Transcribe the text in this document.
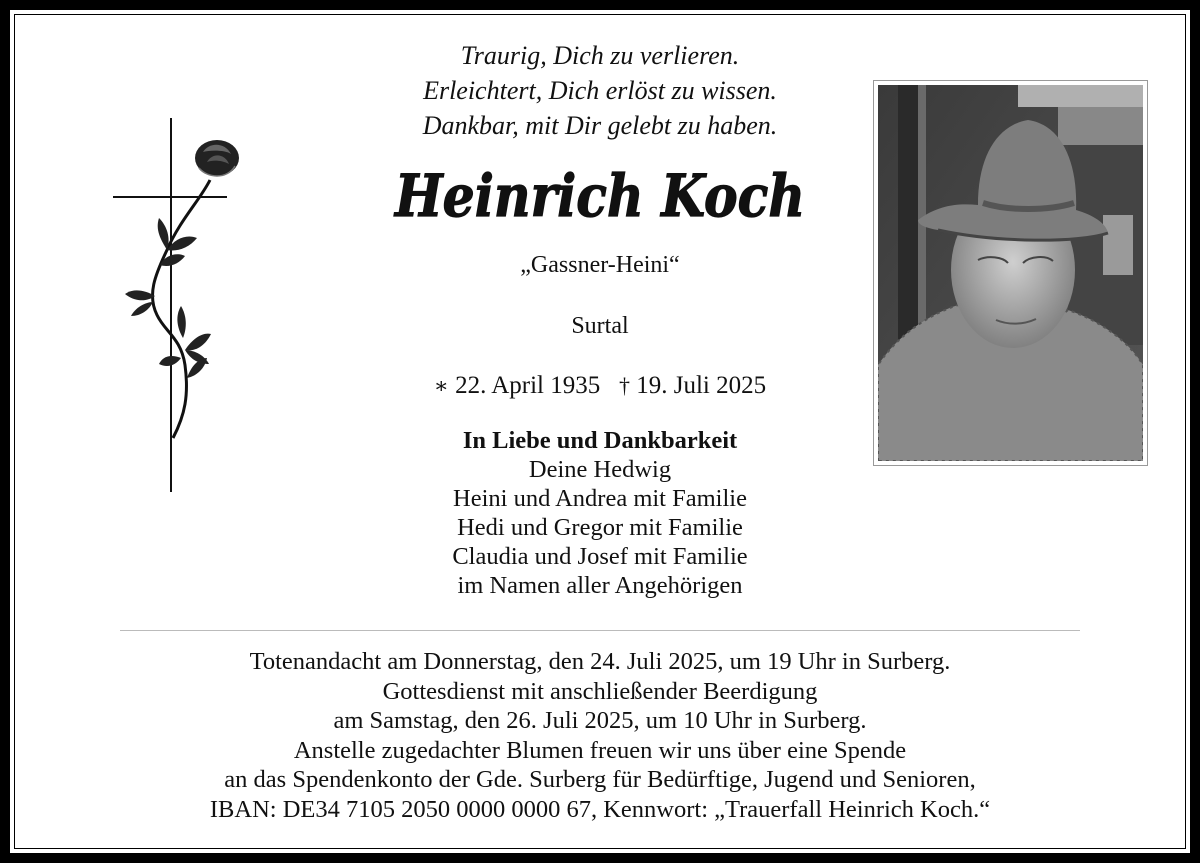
Traurig, Dich zu verlieren.
Erleichtert, Dich erlöst zu wissen.
Dankbar, mit Dir gelebt zu haben.
Heinrich Koch
„Gassner-Heini“
Surtal
∗ 22. April 1935 † 19. Juli 2025
In Liebe und Dankbarkeit
Deine Hedwig
Heini und Andrea mit Familie
Hedi und Gregor mit Familie
Claudia und Josef mit Familie
im Namen aller Angehörigen
Totenandacht am Donnerstag, den 24. Juli 2025, um 19 Uhr in Surberg.
Gottesdienst mit anschließender Beerdigung
am Samstag, den 26. Juli 2025, um 10 Uhr in Surberg.
Anstelle zugedachter Blumen freuen wir uns über eine Spende
an das Spendenkonto der Gde. Surberg für Bedürftige, Jugend und Senioren,
IBAN: DE34 7105 2050 0000 0000 67, Kennwort: „Trauerfall Heinrich Koch.“
